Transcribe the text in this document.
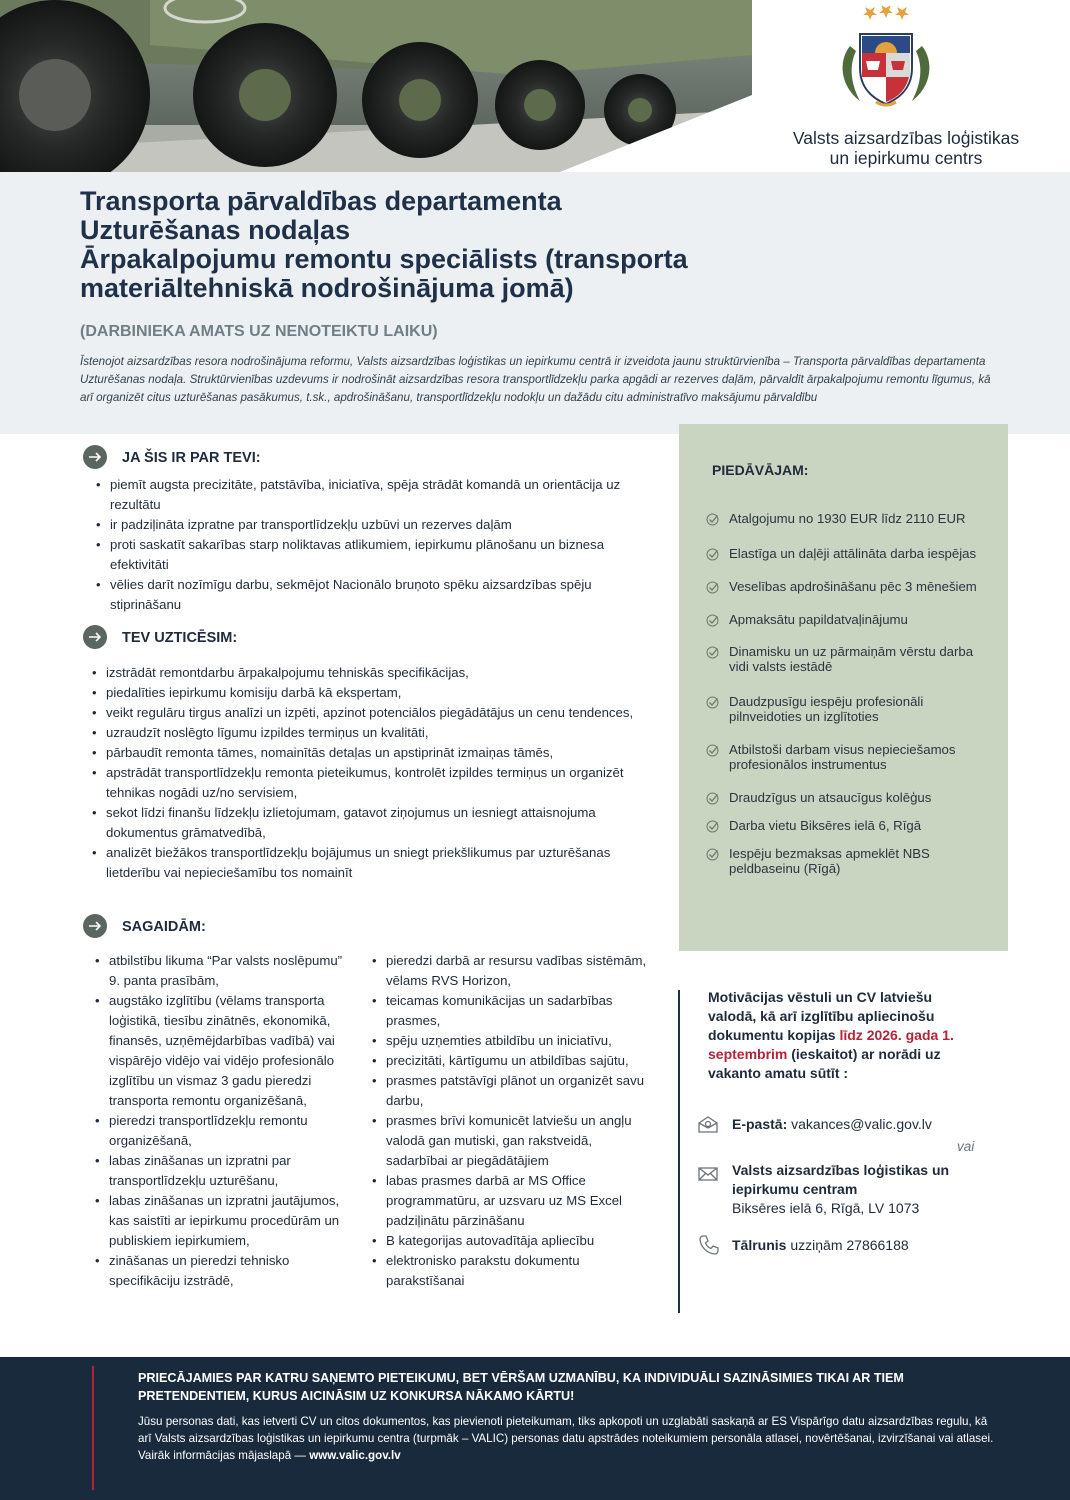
Valsts aizsardzības loģistikas
un iepirkumu centrs
Transporta pārvaldības departamenta
Uzturēšanas nodaļas
Ārpakalpojumu remontu speciālists (transporta
materiāltehniskā nodrošinājuma jomā)
(DARBINIEKA AMATS UZ NENOTEIKTU LAIKU)
Īstenojot aizsardzības resora nodrošinājuma reformu, Valsts aizsardzības loģistikas un iepirkumu centrā ir izveidota jaunu struktūrvienība – Transporta pārvaldības departamenta Uzturēšanas nodaļa. Struktūrvienības uzdevums ir nodrošināt aizsardzības resora transportlīdzekļu parka apgādi ar rezerves daļām, pārvaldīt ārpakalpojumu remontu līgumus, kā arī organizēt citus uzturēšanas pasākumus, t.sk., apdrošināšanu, transportlīdzekļu nodokļu un dažādu citu administratīvo maksājumu pārvaldību
JA ŠIS IR PAR TEVI:
• piemīt augsta precizitāte, patstāvība, iniciatīva, spēja strādāt komandā un orientācija uz rezultātu
• ir padziļināta izpratne par transportlīdzekļu uzbūvi un rezerves daļām
• proti saskatīt sakarības starp noliktavas atlikumiem, iepirkumu plānošanu un biznesa efektivitāti
• vēlies darīt nozīmīgu darbu, sekmējot Nacionālo bruņoto spēku aizsardzības spēju stiprināšanu
TEV UZTICĒSIM:
• izstrādāt remontdarbu ārpakalpojumu tehniskās specifikācijas,
• piedalīties iepirkumu komisiju darbā kā ekspertam,
• veikt regulāru tirgus analīzi un izpēti, apzinot potenciālos piegādātājus un cenu tendences,
• uzraudzīt noslēgto līgumu izpildes termiņus un kvalitāti,
• pārbaudīt remonta tāmes, nomainītās detaļas un apstiprināt izmaiņas tāmēs,
• apstrādāt transportlīdzekļu remonta pieteikumus, kontrolēt izpildes termiņus un organizēt tehnikas nogādi uz/no servisiem,
• sekot līdzi finanšu līdzekļu izlietojumam, gatavot ziņojumus un iesniegt attaisnojuma dokumentus grāmatvedībā,
• analizēt biežākos transportlīdzekļu bojājumus un sniegt priekšlikumus par uzturēšanas lietderību vai nepieciešamību tos nomainīt
SAGAIDĀM:
• atbilstību likuma “Par valsts noslēpumu” 9. panta prasībām,
• augstāko izglītību (vēlams transporta loģistikā, tiesību zinātnēs, ekonomikā, finansēs, uzņēmējdarbības vadībā) vai vispārējo vidējo vai vidējo profesionālo izglītību un vismaz 3 gadu pieredzi transporta remontu organizēšanā,
• pieredzi transportlīdzekļu remontu organizēšanā,
• labas zināšanas un izpratni par transportlīdzekļu uzturēšanu,
• labas zināšanas un izpratni jautājumos, kas saistīti ar iepirkumu procedūrām un publiskiem iepirkumiem,
• zināšanas un pieredzi tehnisko specifikāciju izstrādē,
• pieredzi darbā ar resursu vadības sistēmām, vēlams RVS Horizon,
• teicamas komunikācijas un sadarbības prasmes,
• spēju uzņemties atbildību un iniciatīvu,
• precizitāti, kārtīgumu un atbildības sajūtu,
• prasmes patstāvīgi plānot un organizēt savu darbu,
• prasmes brīvi komunicēt latviešu un angļu valodā gan mutiski, gan rakstveidā, sadarbībai ar piegādātājiem
• labas prasmes darbā ar MS Office programmatūru, ar uzsvaru uz MS Excel padziļinātu pārzināšanu
• B kategorijas autovadītāja apliecību
• elektronisko parakstu dokumentu parakstīšanai
PIEDĀVĀJAM:
Atalgojumu no 1930 EUR līdz 2110 EUR
Elastīga un daļēji attālināta darba iespējas
Veselības apdrošināšanu pēc 3 mēnešiem
Apmaksātu papildatvaļinājumu
Dinamisku un uz pārmaiņām vērstu darba vidi valsts iestādē
Daudzpusīgu iespēju profesionāli pilnveidoties un izglītoties
Atbilstoši darbam visus nepieciešamos profesionālos instrumentus
Draudzīgus un atsaucīgus kolēģus
Darba vietu Biksēres ielā 6, Rīgā
Iespēju bezmaksas apmeklēt NBS peldbaseinu (Rīgā)
Motivācijas vēstuli un CV latviešu valodā, kā arī izglītību apliecinošu dokumentu kopijas līdz 2026. gada 1. septembrim (ieskaitot) ar norādi uz vakanto amatu sūtīt :
E-pastā: vakances@valic.gov.lv
vai
Valsts aizsardzības loģistikas un iepirkumu centram
Biksēres ielā 6, Rīgā, LV 1073
Tālrunis uzziņām 27866188
PRIECĀJAMIES PAR KATRU SAŅEMTO PIETEIKUMU, BET VĒRŠAM UZMANĪBU, KA INDIVIDUĀLI SAZINĀSIMIES TIKAI AR TIEM PRETENDENTIEM, KURUS AICINĀSIM UZ KONKURSA NĀKAMO KĀRTU!
Jūsu personas dati, kas ietverti CV un citos dokumentos, kas pievienoti pieteikumam, tiks apkopoti un uzglabāti saskaņā ar ES Vispārīgo datu aizsardzības regulu, kā arī Valsts aizsardzības loģistikas un iepirkumu centra (turpmāk – VALIC) personas datu apstrādes noteikumiem personāla atlasei, novērtēšanai, izvirzīšanai vai atlasei. Vairāk informācijas mājaslapā — www.valic.gov.lv
